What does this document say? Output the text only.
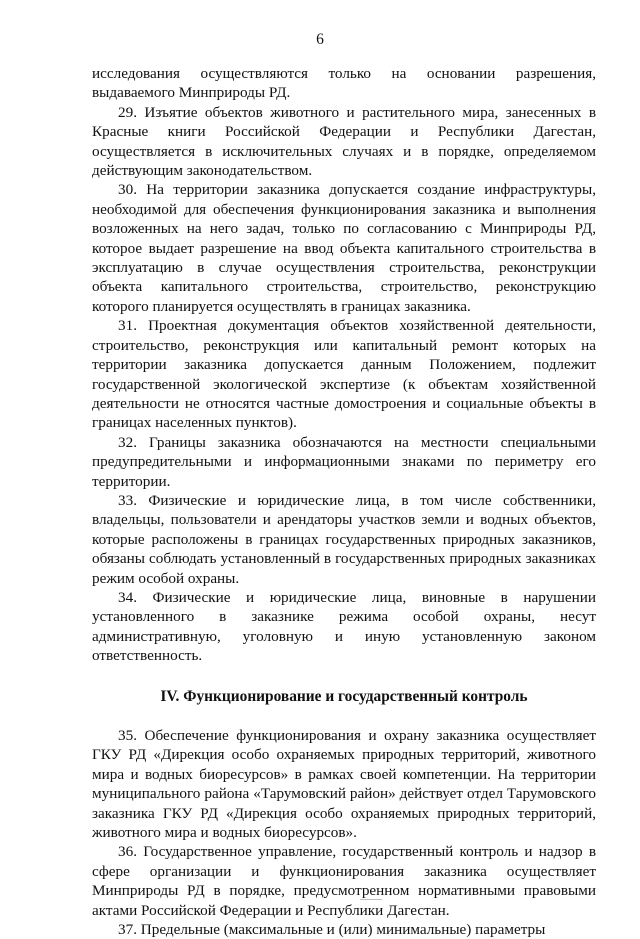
6

исследования осуществляются только на основании разрешения, выдаваемого Минприроды РД.

29. Изъятие объектов животного и растительного мира, занесенных в Красные книги Российской Федерации и Республики Дагестан, осуществляется в исключительных случаях и в порядке, определяемом действующим законодательством.

30. На территории заказника допускается создание инфраструктуры, необходимой для обеспечения функционирования заказника и выполнения возложенных на него задач, только по согласованию с Минприроды РД, которое выдает разрешение на ввод объекта капитального строительства в эксплуатацию в случае осуществления строительства, реконструкции объекта капитального строительства, строительство, реконструкцию которого планируется осуществлять в границах заказника.

31. Проектная документация объектов хозяйственной деятельности, строительство, реконструкция или капитальный ремонт которых на территории заказника допускается данным Положением, подлежит государственной экологической экспертизе (к объектам хозяйственной деятельности не относятся частные домостроения и социальные объекты в границах населенных пунктов).

32. Границы заказника обозначаются на местности специальными предупредительными и информационными знаками по периметру его территории.

33. Физические и юридические лица, в том числе собственники, владельцы, пользователи и арендаторы участков земли и водных объектов, которые расположены в границах государственных природных заказников, обязаны соблюдать установленный в государственных природных заказниках режим особой охраны.

34. Физические и юридические лица, виновные в нарушении установленного в заказнике режима особой охраны, несут административную, уголовную и иную установленную законом ответственность.

IV. Функционирование и государственный контроль

35. Обеспечение функционирования и охрану заказника осуществляет ГКУ РД «Дирекция особо охраняемых природных территорий, животного мира и водных биоресурсов» в рамках своей компетенции. На территории муниципального района «Тарумовский район» действует отдел Тарумовского заказника ГКУ РД «Дирекция особо охраняемых природных территорий, животного мира и водных биоресурсов».

36. Государственное управление, государственный контроль и надзор в сфере организации и функционирования заказника осуществляет Минприроды РД в порядке, предусмотренном нормативными правовыми актами Российской Федерации и Республики Дагестан.

37. Предельные (максимальные и (или) минимальные) параметры
